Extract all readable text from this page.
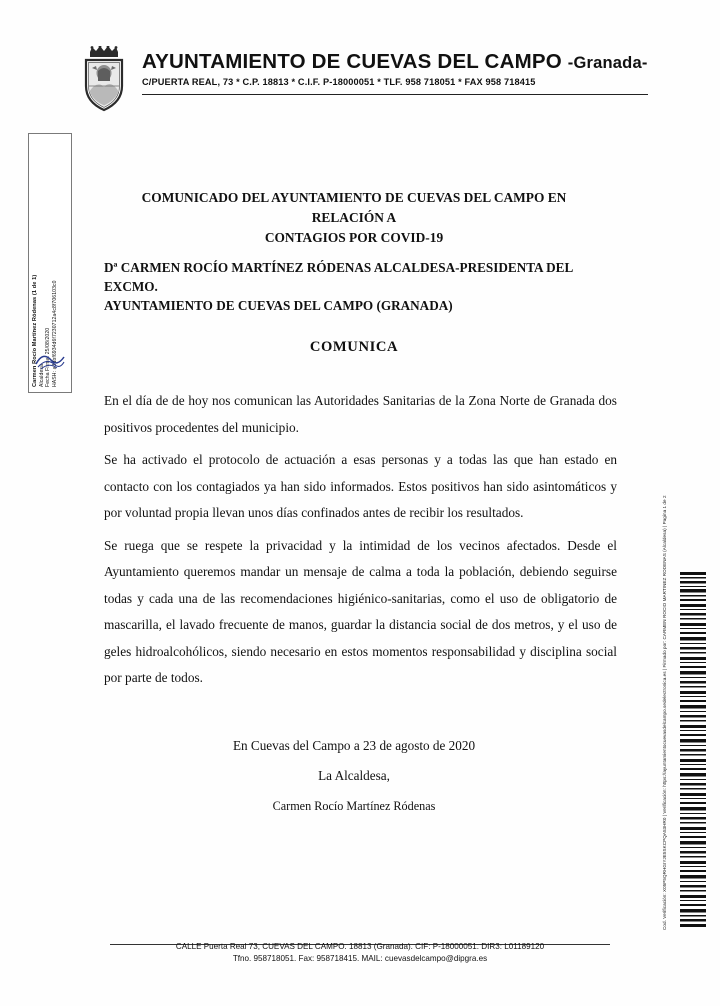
AYUNTAMIENTO DE CUEVAS DEL CAMPO -Granada-
C/PUERTA REAL, 73 * C.P. 18813 * C.I.F. P-18000051 * TLF. 958 718051 * FAX 958 718415
Carmen Rocío Martínez Ródenas (1 de 1)
Alcaldesa Fecha Firma: 25/08/2020 HASH: a3dbf6934d6f7230712a4c8f706103c0
COMUNICADO DEL AYUNTAMIENTO DE CUEVAS DEL CAMPO EN RELACIÓN A
CONTAGIOS POR COVID-19
Dª CARMEN ROCÍO MARTÍNEZ RÓDENAS ALCALDESA-PRESIDENTA DEL EXCMO.
AYUNTAMIENTO DE CUEVAS DEL CAMPO (GRANADA)
COMUNICA

En el día de de hoy nos comunican las Autoridades Sanitarias de la Zona Norte de Granada dos positivos procedentes del municipio.

Se ha activado el protocolo de actuación a esas personas y a todas las que han estado en contacto con los contagiados ya han sido informados. Estos positivos han sido asintomáticos y por voluntad propia llevan unos días confinados antes de recibir los resultados.

Se ruega que se respete la privacidad y la intimidad de los vecinos afectados. Desde el Ayuntamiento queremos mandar un mensaje de calma a toda la población, debiendo seguirse todas y cada una de las recomendaciones higiénico-sanitarias, como el uso de obligatorio de mascarilla, el lavado frecuente de manos, guardar la distancia social de dos metros, y el uso de geles hidroalcohólicos, siendo necesario en estos momentos responsabilidad y disciplina social por parte de todos.

En Cuevas del Campo a 23 de agosto de 2020
La Alcaldesa,
Carmen Rocío Martínez Ródenas	Cod. Verificación: X05P5QRHGIYJE5SKCPQA53HR0 | Verificación: https://ayuntamientocuevasdelcampo.sedelectronica.es | Firmado por: CARMEN ROCIO MARTINEZ RODENAS (Alcaldesa) | Pagina 1 de 2
CALLE Puerta Real 73, CUEVAS DEL CAMPO. 18813 (Granada). CIF: P-18000051. DIR3: L01189120
Tfno. 958718051. Fax: 958718415. MAIL: cuevasdelcampo@dipgra.es
